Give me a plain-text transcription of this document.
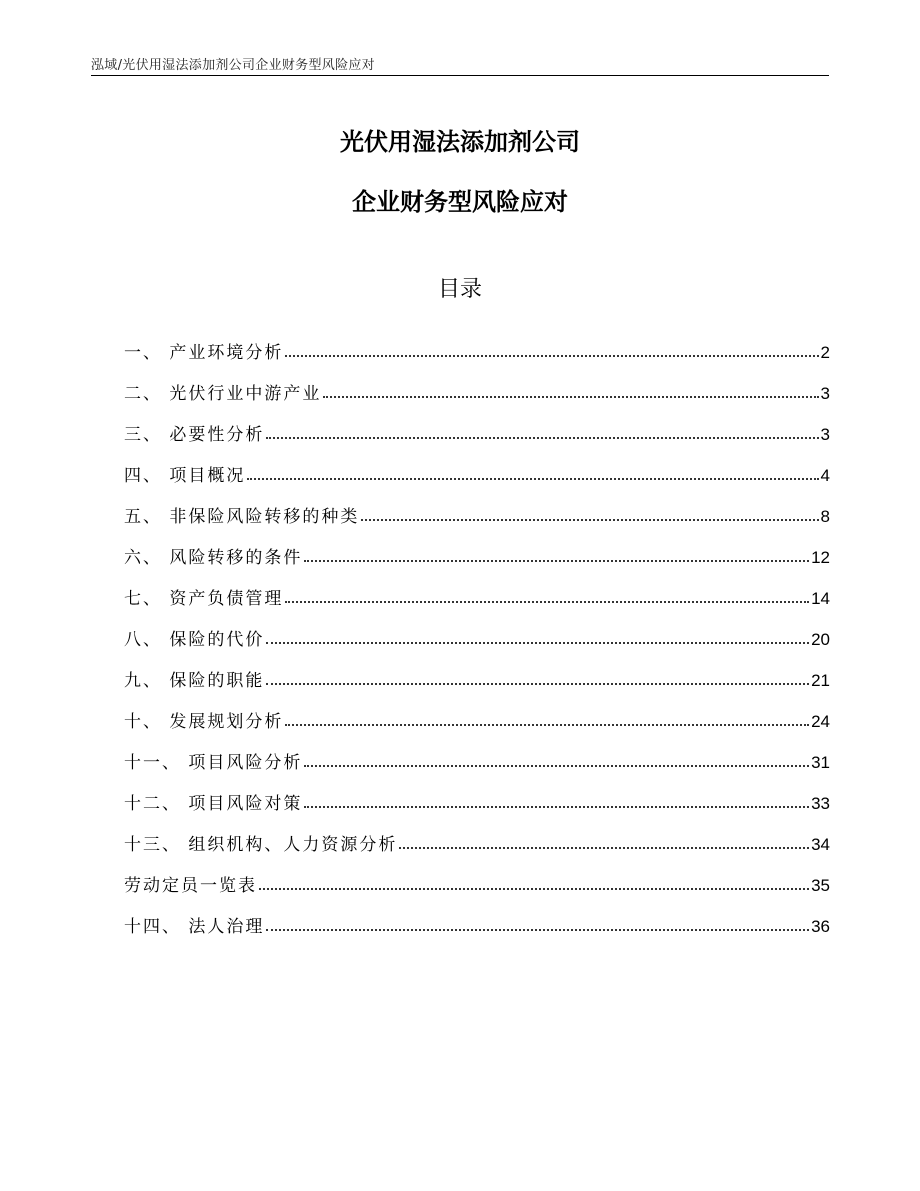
泓域/光伏用湿法添加剂公司企业财务型风险应对
光伏用湿法添加剂公司
企业财务型风险应对
目录
一、 产业环境分析	2
二、 光伏行业中游产业	3
三、 必要性分析	3
四、 项目概况	4
五、 非保险风险转移的种类	8
六、 风险转移的条件	12
七、 资产负债管理	14
八、 保险的代价	20
九、 保险的职能	21
十、 发展规划分析	24
十一、 项目风险分析	31
十二、 项目风险对策	33
十三、 组织机构、人力资源分析	34
劳动定员一览表	35
十四、 法人治理	36
